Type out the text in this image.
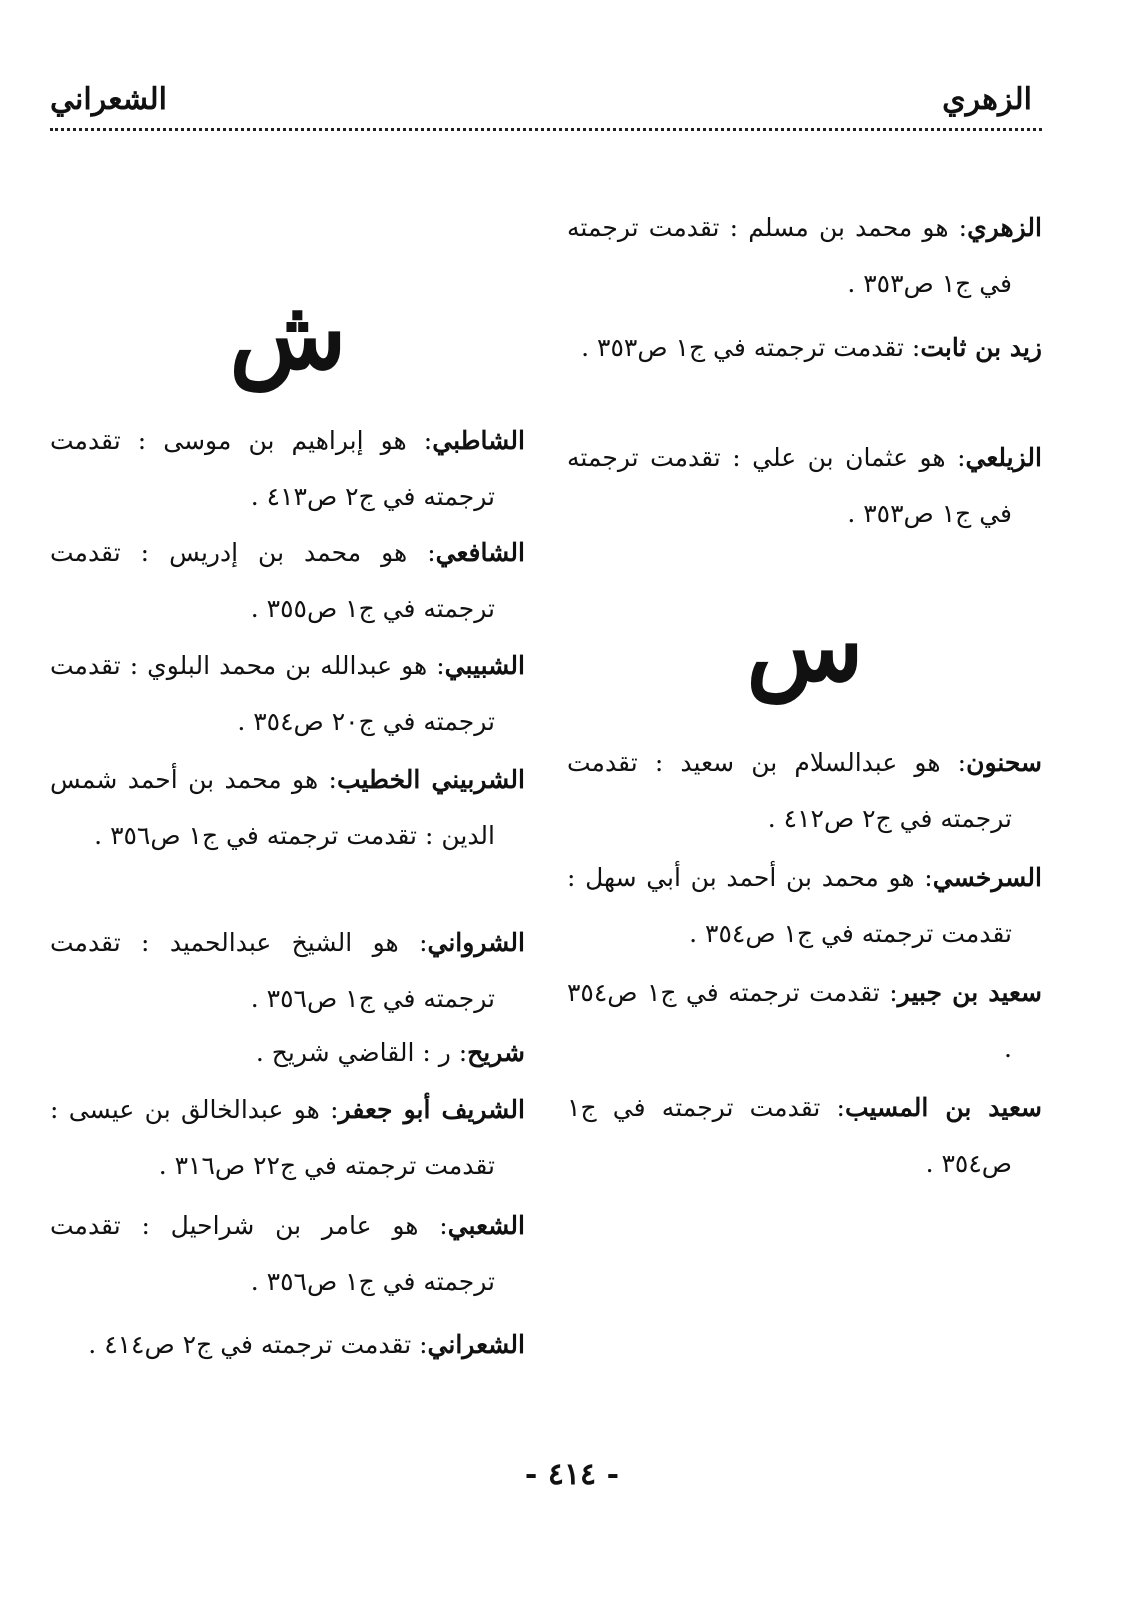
الزهري
الشعراني
الزهري: هو محمد بن مسلم : تقدمت ترجمته في ج١ ص٣٥٣ .
زيد بن ثابت: تقدمت ترجمته في ج١ ص٣٥٣ .
الزيلعي: هو عثمان بن علي : تقدمت ترجمته في ج١ ص٣٥٣ .
س
سحنون: هو عبدالسلام بن سعيد : تقدمت ترجمته في ج٢ ص٤١٢ .
السرخسي: هو محمد بن أحمد بن أبي سهل : تقدمت ترجمته في ج١ ص٣٥٤ .
سعيد بن جبير: تقدمت ترجمته في ج١ ص٣٥٤ .
سعيد بن المسيب: تقدمت ترجمته في ج١ ص٣٥٤ .
ش
الشاطبي: هو إبراهيم بن موسى : تقدمت ترجمته في ج٢ ص٤١٣ .
الشافعي: هو محمد بن إدريس : تقدمت ترجمته في ج١ ص٣٥٥ .
الشبيبي: هو عبدالله بن محمد البلوي : تقدمت ترجمته في ج٢٠ ص٣٥٤ .
الشربيني الخطيب: هو محمد بن أحمد شمس الدين : تقدمت ترجمته في ج١ ص٣٥٦ .
الشرواني: هو الشيخ عبدالحميد : تقدمت ترجمته في ج١ ص٣٥٦ .
شريح: ر : القاضي شريح .
الشريف أبو جعفر: هو عبدالخالق بن عيسى : تقدمت ترجمته في ج٢٢ ص٣١٦ .
الشعبي: هو عامر بن شراحيل : تقدمت ترجمته في ج١ ص٣٥٦ .
الشعراني: تقدمت ترجمته في ج٢ ص٤١٤ .
- ٤١٤ -
